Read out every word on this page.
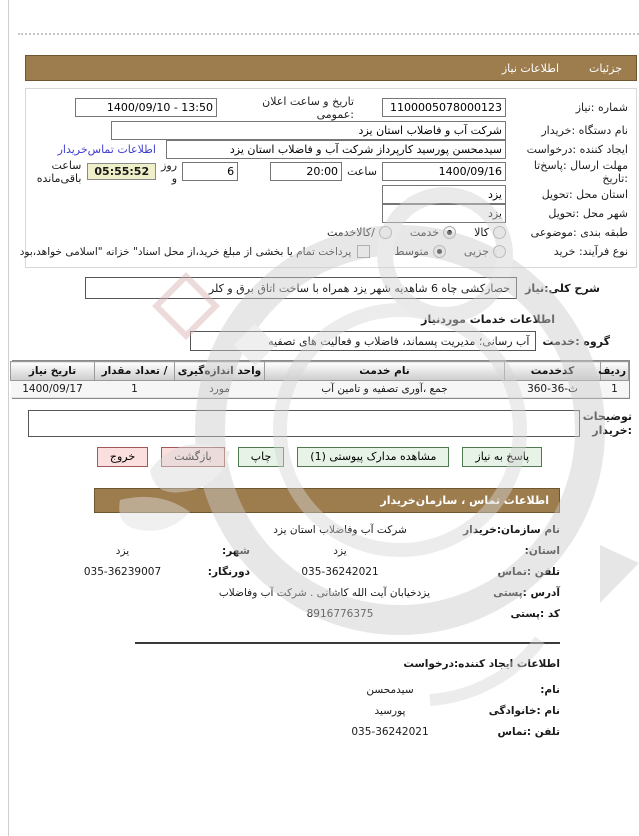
جزئیات
اطلاعات نیاز
شماره :نیاز
1100005078000123
تاریخ و ساعت اعلان :عمومی
1400/09/10 - 13:50
نام دستگاه :خریدار
شرکت آب و فاضلاب استان یزد
ایجاد کننده :درخواست
سیدمحسن پورسید کارپرداز شرکت آب و فاضلاب استان یزد
اطلاعات تماس‌خریدار
مهلت ارسال :پاسخ‌تا
:تاریخ
1400/09/16
ساعت
20:00
6
روز و
05:55:52
ساعت باقی‌مانده
استان محل :تحویل
یزد
شهر محل :تحویل
یزد
طبقه بندی :موضوعی
کالا
خدمت
/کالاخدمت
نوع فرآیند: خرید
جزیی
متوسط
پرداخت تمام یا بخشی از مبلغ خرید،از محل اسناد" خزانه "اسلامی خواهد،بود
شرح کلی:نیاز
حصارکشی چاه 6 شاهدیه شهر یزد همراه با ساخت اتاق برق و کلر
اطلاعات خدمات موردنیاز
گروه :خدمت
آب رسانی؛ مدیریت پسماند، فاضلاب و فعالیت های تصفیه
ردیف	کدخدمت	نام خدمت	واحد اندازه‌گیری	/ تعداد مقدار	تاریخ نیاز
1	360-36-ث	جمع ،آوری تصفیه و تامین آب	مورد	1	1400/09/17
توضیحات
:خریدار
پاسخ به نیاز
مشاهده مدارک پیوستی (1)
چاپ
بازگشت
خروج
اطلاعات تماس ، سازمان‌خریدار
نام سازمان:خریدار
شرکت آب وفاضلاب استان یزد
استان:
یزد
شهر:
یزد
تلفن :تماس
035-36242021
دورنگار:
035-36239007
آدرس :پستی
یزدخیابان آیت الله کاشانی . شرکت آب وفاضلاب
کد :پستی
8916776375
اطلاعات ایجاد کننده:درخواست
نام:
سیدمحسن
نام :خانوادگی
پورسید
تلفن :تماس
035-36242021
